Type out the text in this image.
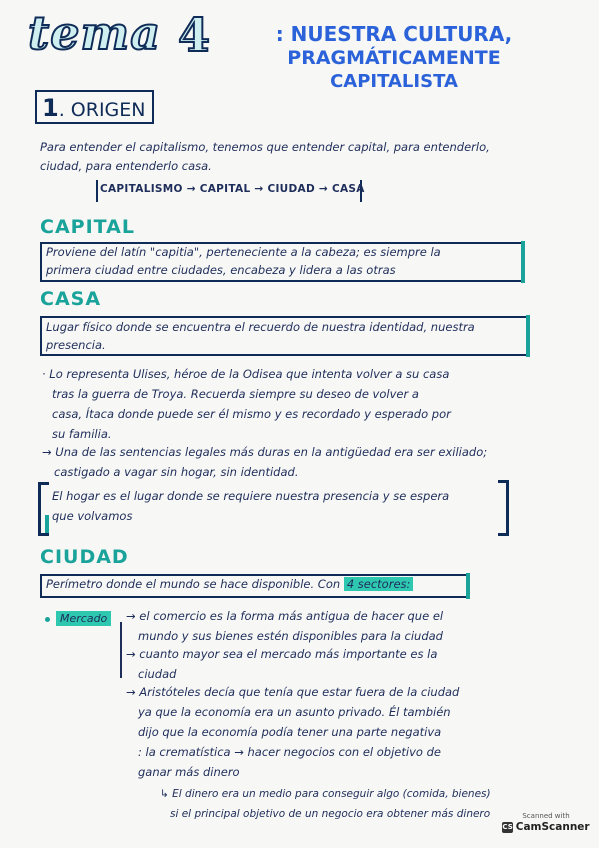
tema 4	: NUESTRA CULTURA,
PRAGMÁTICAMENTE
CAPITALISTA
1. ORIGEN
Para entender el capitalismo, tenemos que entender capital, para entenderlo,
ciudad, para entenderlo casa.
CAPITALISMO → CAPITAL → CIUDAD → CASA
CAPITAL
Proviene del latín "capitia", perteneciente a la cabeza; es siempre la
primera ciudad entre ciudades, encabeza y lidera a las otras
CASA
Lugar físico donde se encuentra el recuerdo de nuestra identidad, nuestra
presencia.
· Lo representa Ulises, héroe de la Odisea que intenta volver a su casa
tras la guerra de Troya. Recuerda siempre su deseo de volver a
casa, Ítaca donde puede ser él mismo y es recordado y esperado por
su familia.
→ Una de las sentencias legales más duras en la antigüedad era ser exiliado;
castigado a vagar sin hogar, sin identidad.
El hogar es el lugar donde se requiere nuestra presencia y se espera
que volvamos
CIUDAD
Perímetro donde el mundo se hace disponible. Con 4 sectores:
Mercado	→ el comercio es la forma más antigua de hacer que el
mundo y sus bienes estén disponibles para la ciudad
→ cuanto mayor sea el mercado más importante es la
ciudad
→ Aristóteles decía que tenía que estar fuera de la ciudad
ya que la economía era un asunto privado. Él también
dijo que la economía podía tener una parte negativa
: la crematística → hacer negocios con el objetivo de
ganar más dinero
↳ El dinero era un medio para conseguir algo (comida, bienes)
si el principal objetivo de un negocio era obtener más dinero	Scanned with
CS CamScanner
